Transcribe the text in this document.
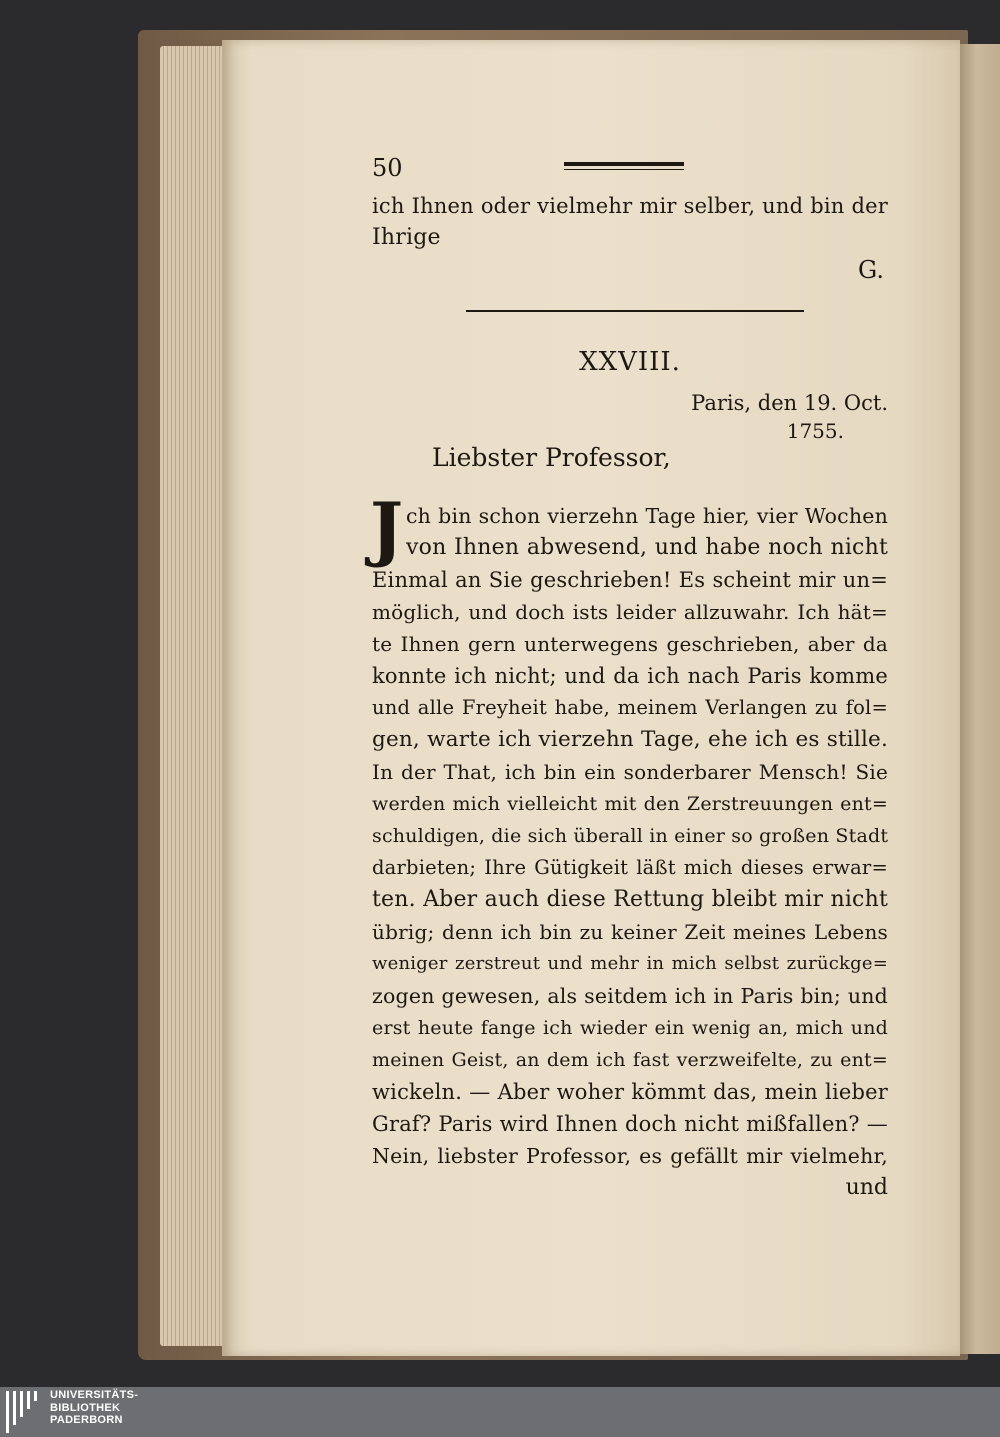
50
ich Ihnen oder vielmehr mir selber, und bin der
Ihrige
G.
XXVIII.
Paris, den 19. Oct.
1755.
Liebster Professor,
J ch bin schon vierzehn Tage hier, vier Wochen
von Ihnen abwesend, und habe noch nicht
Einmal an Sie geschrieben! Es scheint mir un=
möglich, und doch ists leider allzuwahr. Ich hät=
te Ihnen gern unterwegens geschrieben, aber da
konnte ich nicht; und da ich nach Paris komme
und alle Freyheit habe, meinem Verlangen zu fol=
gen, warte ich vierzehn Tage, ehe ich es stille.
In der That, ich bin ein sonderbarer Mensch! Sie
werden mich vielleicht mit den Zerstreuungen ent=
schuldigen, die sich überall in einer so großen Stadt
darbieten; Ihre Gütigkeit läßt mich dieses erwar=
ten. Aber auch diese Rettung bleibt mir nicht
übrig; denn ich bin zu keiner Zeit meines Lebens
weniger zerstreut und mehr in mich selbst zurückge=
zogen gewesen, als seitdem ich in Paris bin; und
erst heute fange ich wieder ein wenig an, mich und
meinen Geist, an dem ich fast verzweifelte, zu ent=
wickeln. — Aber woher kömmt das, mein lieber
Graf? Paris wird Ihnen doch nicht mißfallen? —
Nein, liebster Professor, es gefällt mir vielmehr,
und
UNIVERSITÄTS-
BIBLIOTHEK
PADERBORN
